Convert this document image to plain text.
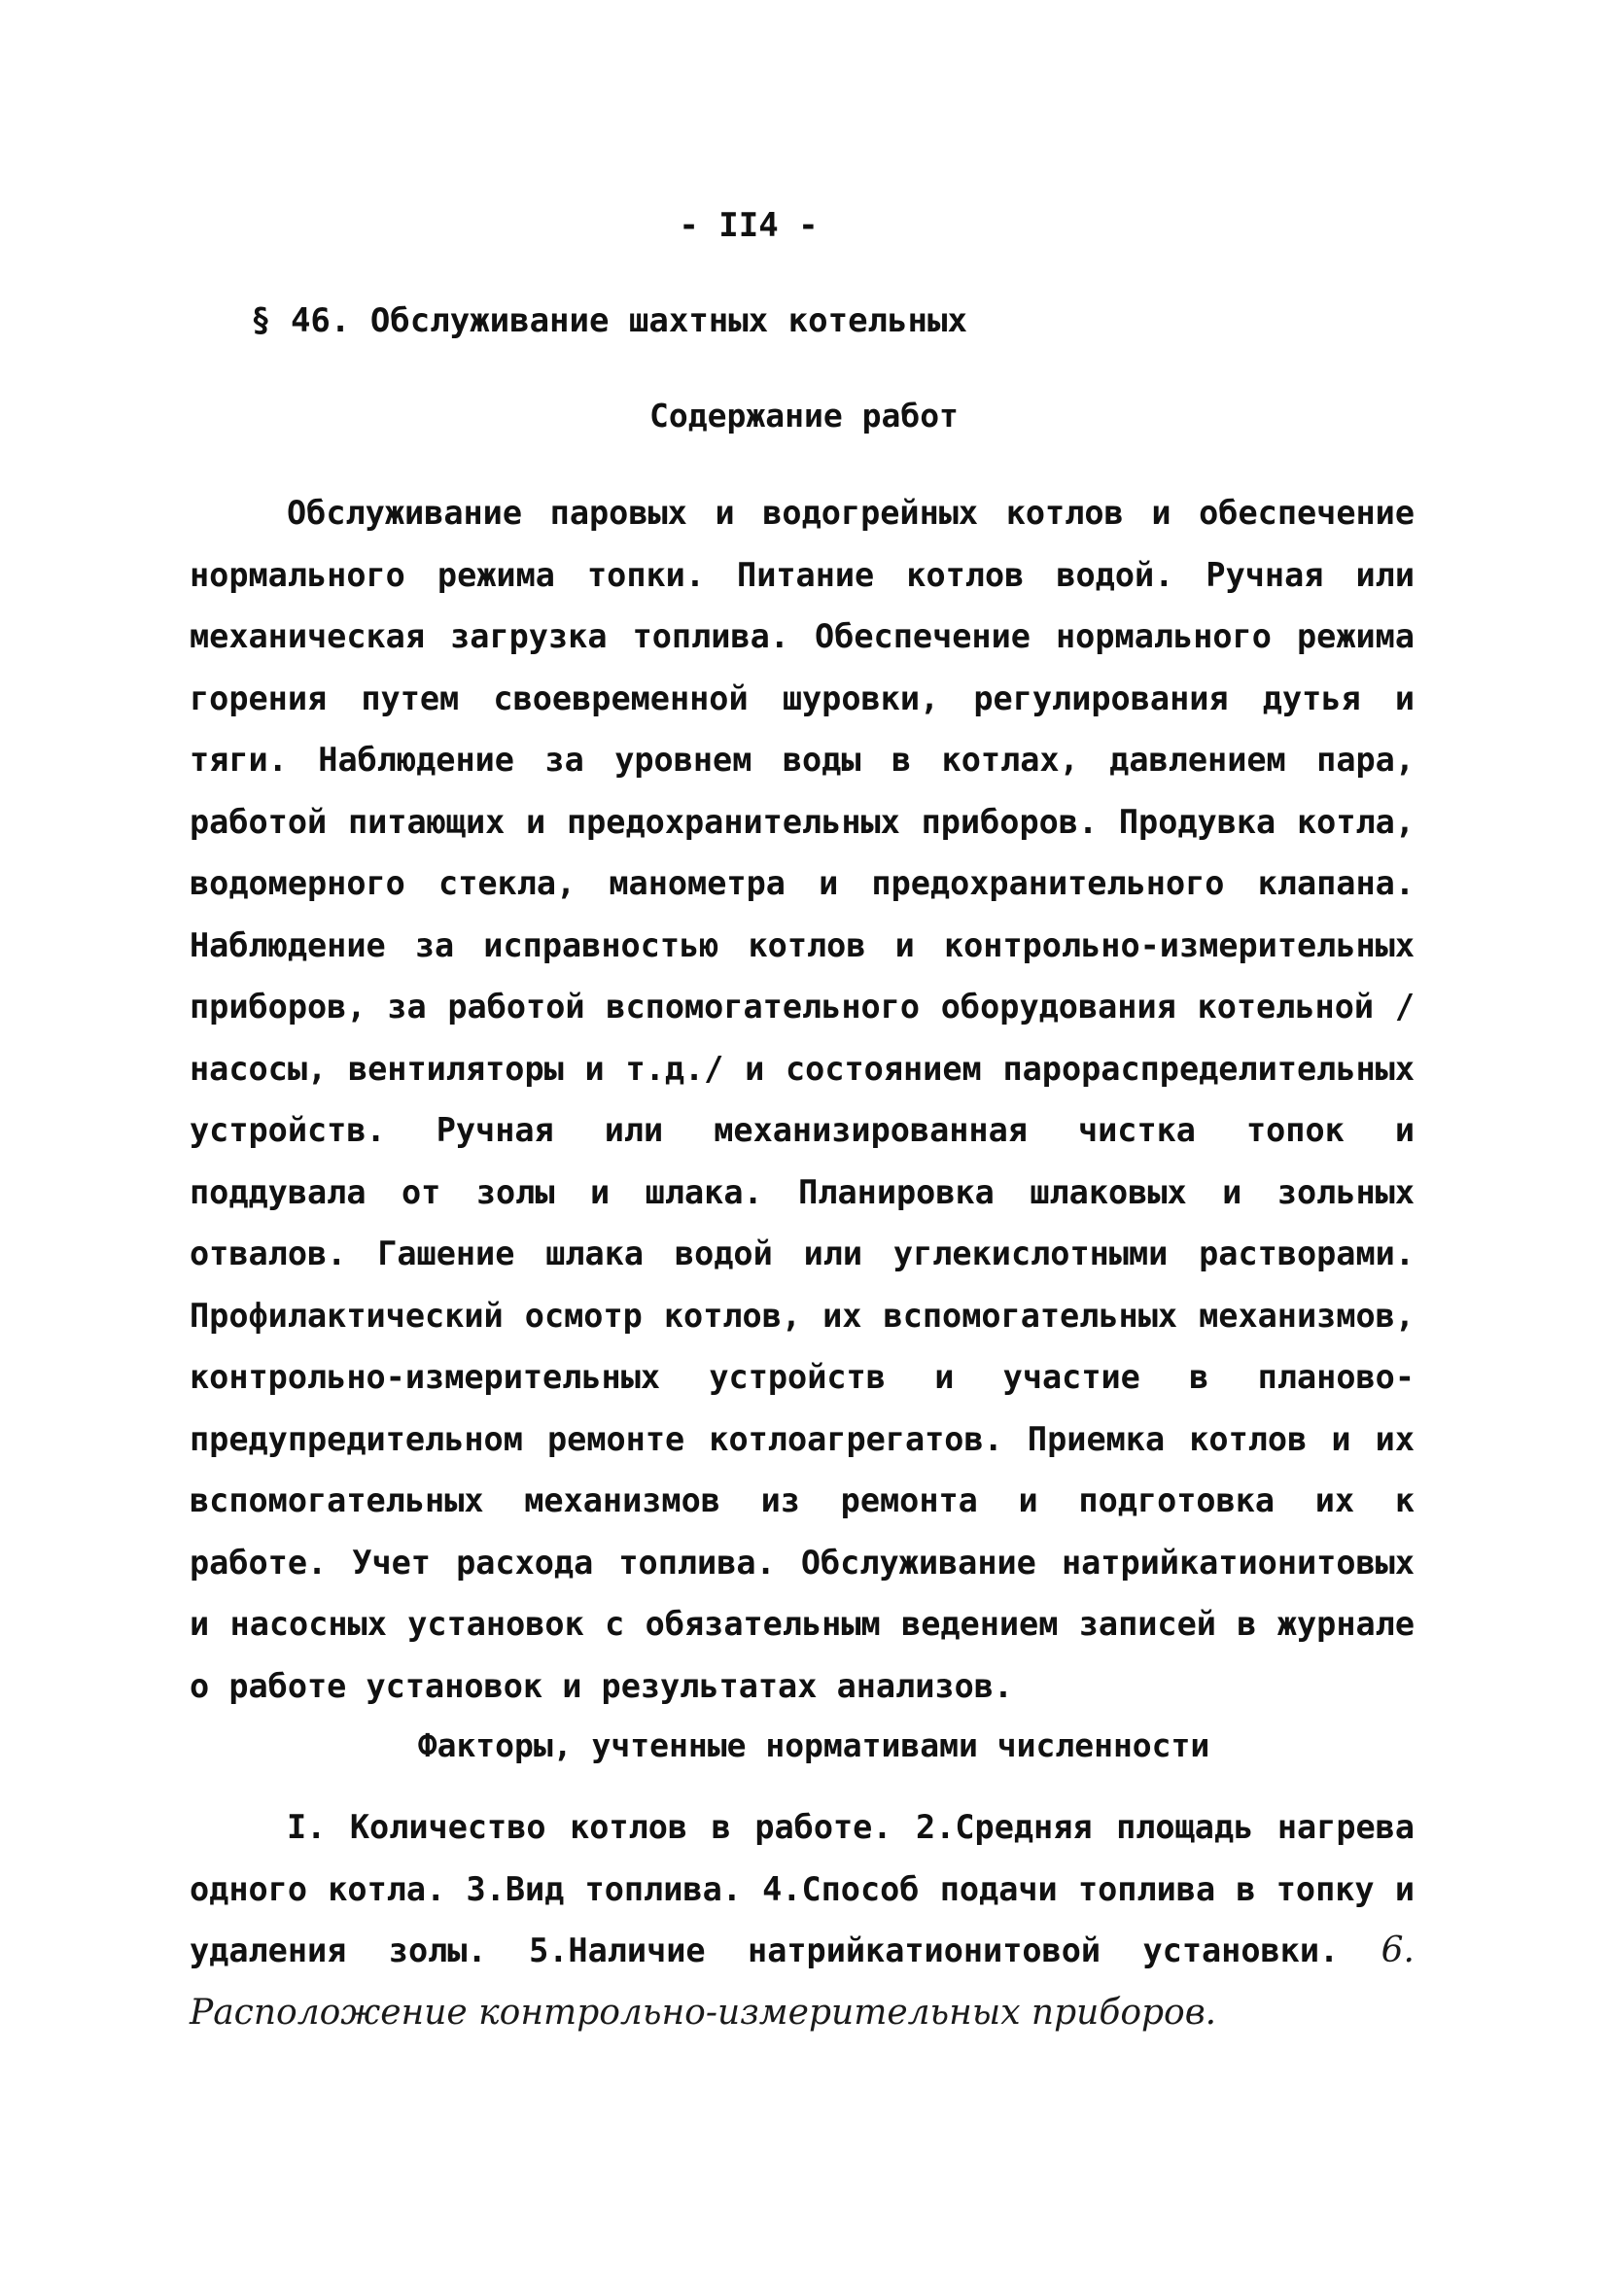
- II4 -
§ 46. Обслуживание шахтных котельных
Содержание работ

Обслуживание паровых и водогрейных котлов и обеспечение нормального режима топки. Питание котлов водой. Ручная или механическая загрузка топлива. Обеспечение нормального режима горения путем своевременной шуровки, регулирования дутья и тяги. Наблюдение за уровнем воды в котлах, давлением пара, работой питающих и предохранительных приборов. Продувка котла, водомерного стекла, манометра и предохранительного клапана. Наблюдение за исправностью котлов и контрольно-измерительных приборов, за работой вспомогательного оборудования котельной /насосы, вентиляторы и т.д./ и состоянием парораспределительных устройств. Ручная или механизированная чистка топок и поддувала от золы и шлака. Планировка шлаковых и зольных отвалов. Гашение шлака водой или углекислотными растворами. Профилактический осмотр котлов, их вспомогательных механизмов, контрольно-измерительных устройств и участие в планово-предупредительном ремонте котлоагрегатов. Приемка котлов и их вспомогательных механизмов из ремонта и подготовка их к работе. Учет расхода топлива. Обслуживание натрийкатионитовых и насосных установок с обязательным ведением записей в журнале о работе установок и результатах анализов.

Факторы, учтенные нормативами численности

I. Количество котлов в работе. 2.Средняя площадь нагрева одного котла. 3.Вид топлива. 4.Способ подачи топлива в топку и удаления золы. 5.Наличие натрийкатионитовой установки. 6. Расположение контрольно-измерительных приборов.
